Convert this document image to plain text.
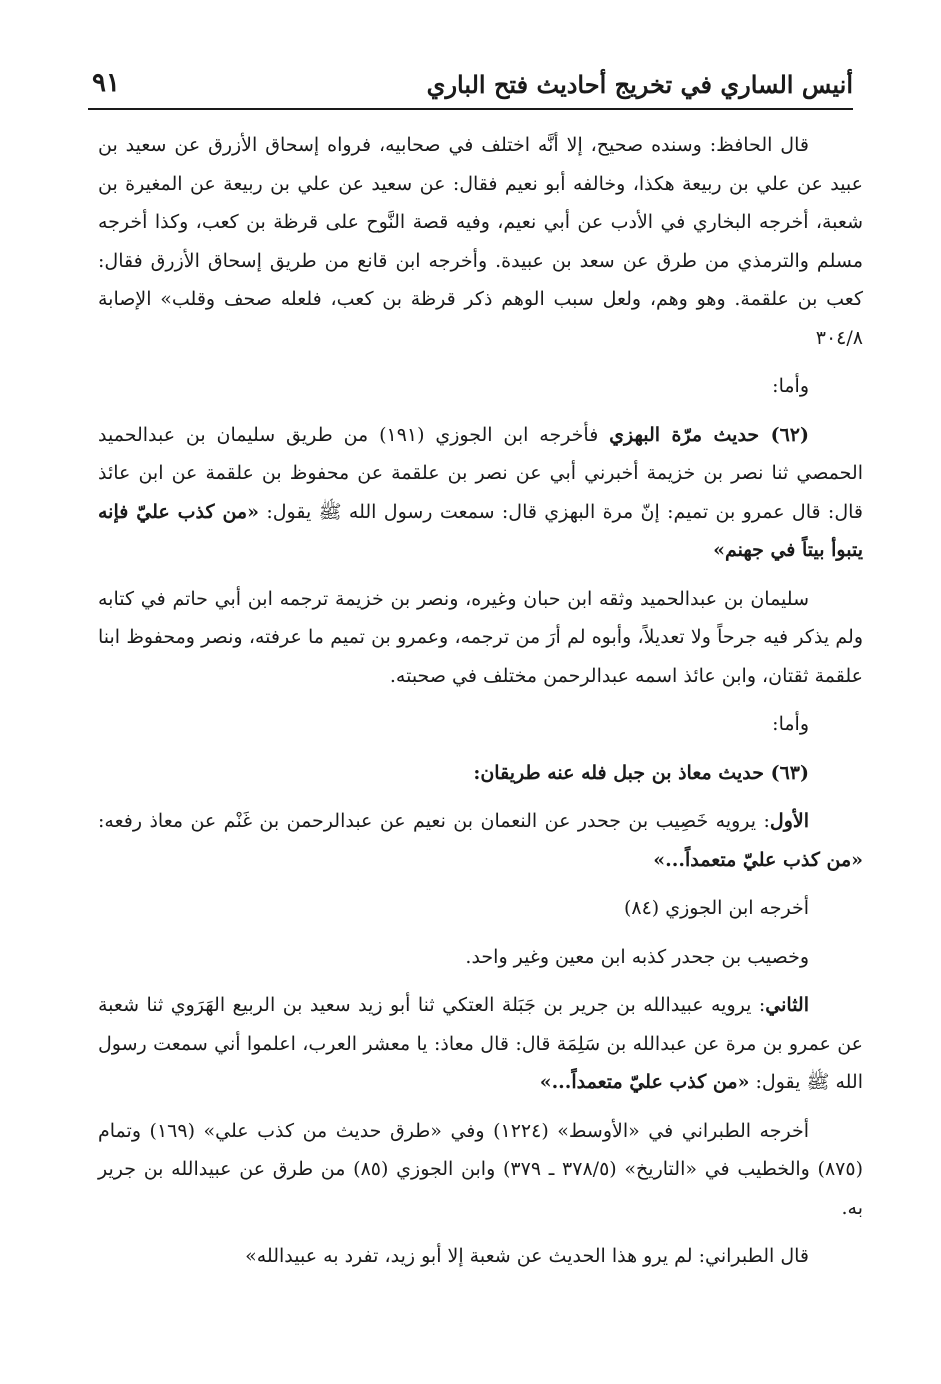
أنيس الساري في تخريج أحاديث فتح الباري
٩١

قال الحافظ: وسنده صحيح، إلا أنَّه اختلف في صحابيه، فرواه إسحاق الأزرق عن سعيد بن عبيد عن علي بن ربيعة هكذا، وخالفه أبو نعيم فقال: عن سعيد عن علي بن ربيعة عن المغيرة بن شعبة، أخرجه البخاري في الأدب عن أبي نعيم، وفيه قصة النَّوح على قرظة بن كعب، وكذا أخرجه مسلم والترمذي من طرق عن سعد بن عبيدة. وأخرجه ابن قانع من طريق إسحاق الأزرق فقال: كعب بن علقمة. وهو وهم، ولعل سبب الوهم ذكر قرظة بن كعب، فلعله صحف وقلب» الإصابة ٣٠٤/٨

وأما:

(٦٢) حديث مرّة البهزي فأخرجه ابن الجوزي (١٩١) من طريق سليمان بن عبدالحميد الحمصي ثنا نصر بن خزيمة أخبرني أبي عن نصر بن علقمة عن محفوظ بن علقمة عن ابن عائذ قال: قال عمرو بن تميم: إنّ مرة البهزي قال: سمعت رسول الله ﷺ يقول: «من كذب عليّ فإنه يتبوأ بيتاً في جهنم»

سليمان بن عبدالحميد وثقه ابن حبان وغيره، ونصر بن خزيمة ترجمه ابن أبي حاتم في كتابه ولم يذكر فيه جرحاً ولا تعديلاً، وأبوه لم أرَ من ترجمه، وعمرو بن تميم ما عرفته، ونصر ومحفوظ ابنا علقمة ثقتان، وابن عائذ اسمه عبدالرحمن مختلف في صحبته.

وأما:

(٦٣) حديث معاذ بن جبل فله عنه طريقان:

الأول: يرويه خَصِيب بن جحدر عن النعمان بن نعيم عن عبدالرحمن بن غَنْم عن معاذ رفعه: «من كذب عليّ متعمداً...»

أخرجه ابن الجوزي (٨٤)

وخصيب بن جحدر كذبه ابن معين وغير واحد.

الثاني: يرويه عبيدالله بن جرير بن جَبَلة العتكي ثنا أبو زيد سعيد بن الربيع الهَرَوي ثنا شعبة عن عمرو بن مرة عن عبدالله بن سَلِمَة قال: قال معاذ: يا معشر العرب، اعلموا أني سمعت رسول الله ﷺ يقول: «من كذب عليّ متعمداً...»

أخرجه الطبراني في «الأوسط» (١٢٢٤) وفي «طرق حديث من كذب علي» (١٦٩) وتمام (٨٧٥) والخطيب في «التاريخ» (٣٧٨/٥ ـ ٣٧٩) وابن الجوزي (٨٥) من طرق عن عبيدالله بن جرير به.

قال الطبراني: لم يرو هذا الحديث عن شعبة إلا أبو زيد، تفرد به عبيدالله»
